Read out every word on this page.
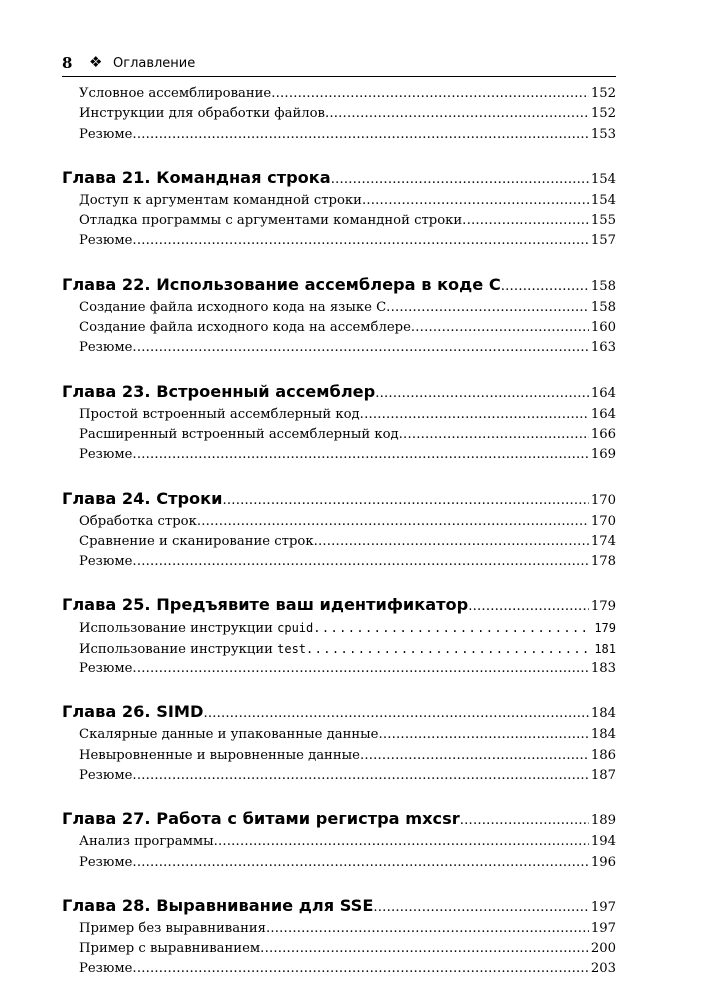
8 ❖ Оглавление
Условное ассемблирование .....	152
Инструкции для обработки файлов .....	152
Резюме .....	153
Глава 21. Командная строка .....	154
Доступ к аргументам командной строки .....	154
Отладка программы с аргументами командной строки .....	155
Резюме .....	157
Глава 22. Использование ассемблера в коде C .....	158
Создание файла исходного кода на языке C .....	158
Создание файла исходного кода на ассемблере .....	160
Резюме .....	163
Глава 23. Встроенный ассемблер .....	164
Простой встроенный ассемблерный код .....	164
Расширенный встроенный ассемблерный код .....	166
Резюме .....	169
Глава 24. Строки .....	170
Обработка строк .....	170
Сравнение и сканирование строк .....	174
Резюме .....	178
Глава 25. Предъявите ваш идентификатор .....	179
Использование инструкции cpuid .....	179
Использование инструкции test .....	181
Резюме .....	183
Глава 26. SIMD .....	184
Скалярные данные и упакованные данные .....	184
Невыровненные и выровненные данные .....	186
Резюме .....	187
Глава 27. Работа с битами регистра mxcsr .....	189
Анализ программы .....	194
Резюме .....	196
Глава 28. Выравнивание для SSE .....	197
Пример без выравнивания .....	197
Пример с выравниванием .....	200
Резюме .....	203
